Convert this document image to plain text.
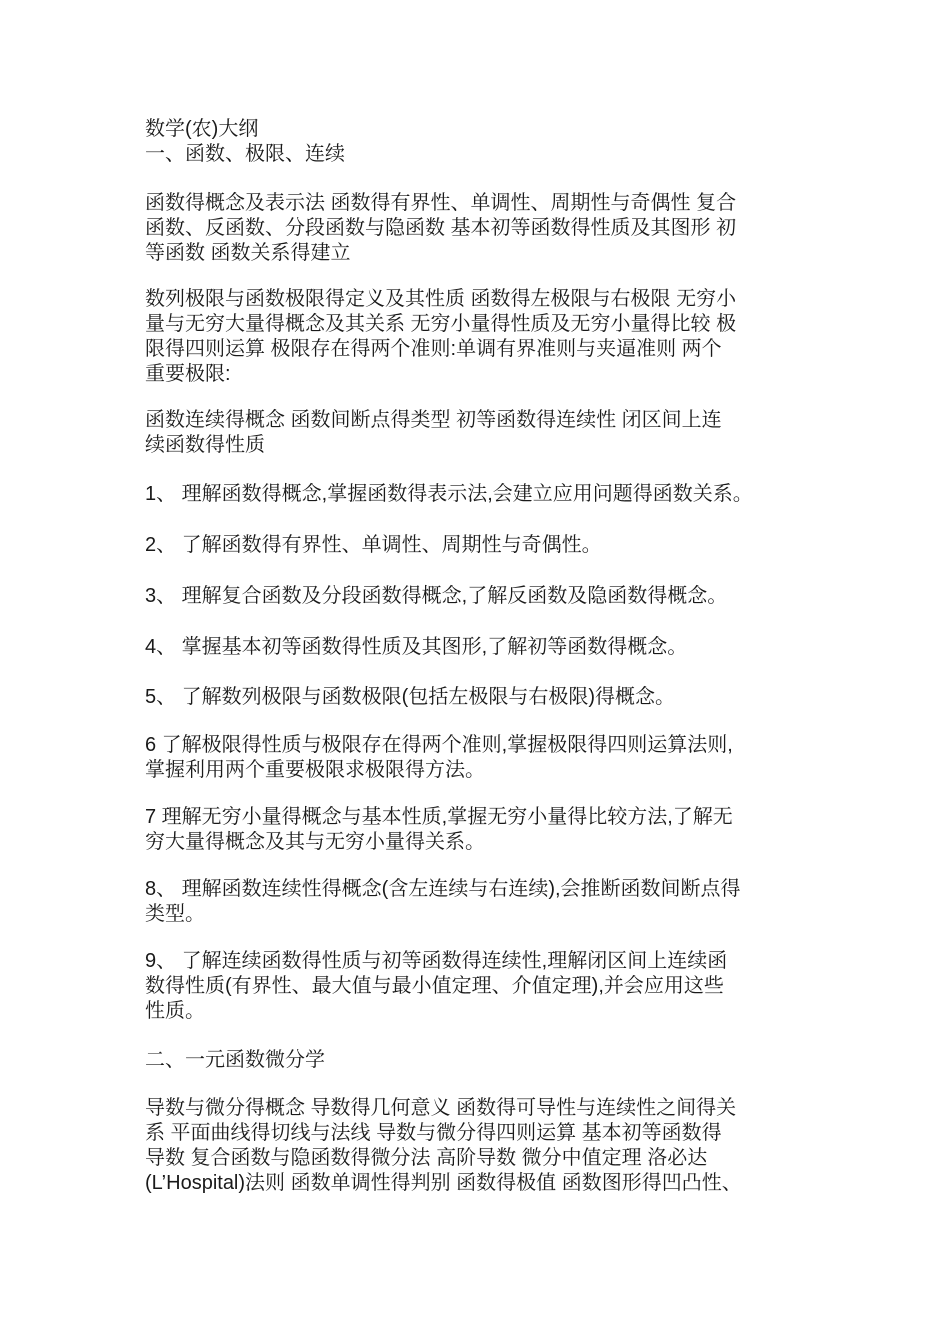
数学(农)大纲
一、函数、极限、连续
函数得概念及表示法 函数得有界性、单调性、周期性与奇偶性 复合
函数、反函数、分段函数与隐函数 基本初等函数得性质及其图形 初
等函数 函数关系得建立
数列极限与函数极限得定义及其性质 函数得左极限与右极限 无穷小
量与无穷大量得概念及其关系 无穷小量得性质及无穷小量得比较 极
限得四则运算 极限存在得两个准则:单调有界准则与夹逼准则 两个
重要极限:
函数连续得概念 函数间断点得类型 初等函数得连续性 闭区间上连
续函数得性质
1、 理解函数得概念,掌握函数得表示法,会建立应用问题得函数关系。
2、 了解函数得有界性、单调性、周期性与奇偶性。
3、 理解复合函数及分段函数得概念,了解反函数及隐函数得概念。
4、 掌握基本初等函数得性质及其图形,了解初等函数得概念。
5、 了解数列极限与函数极限(包括左极限与右极限)得概念。
6 了解极限得性质与极限存在得两个准则,掌握极限得四则运算法则,
掌握利用两个重要极限求极限得方法。
7 理解无穷小量得概念与基本性质,掌握无穷小量得比较方法,了解无
穷大量得概念及其与无穷小量得关系。
8、 理解函数连续性得概念(含左连续与右连续),会推断函数间断点得
类型。
9、 了解连续函数得性质与初等函数得连续性,理解闭区间上连续函
数得性质(有界性、最大值与最小值定理、介值定理),并会应用这些
性质。
二、一元函数微分学
导数与微分得概念 导数得几何意义 函数得可导性与连续性之间得关
系 平面曲线得切线与法线 导数与微分得四则运算 基本初等函数得
导数 复合函数与隐函数得微分法 高阶导数 微分中值定理 洛必达
(L’Hospital)法则 函数单调性得判别 函数得极值 函数图形得凹凸性、
